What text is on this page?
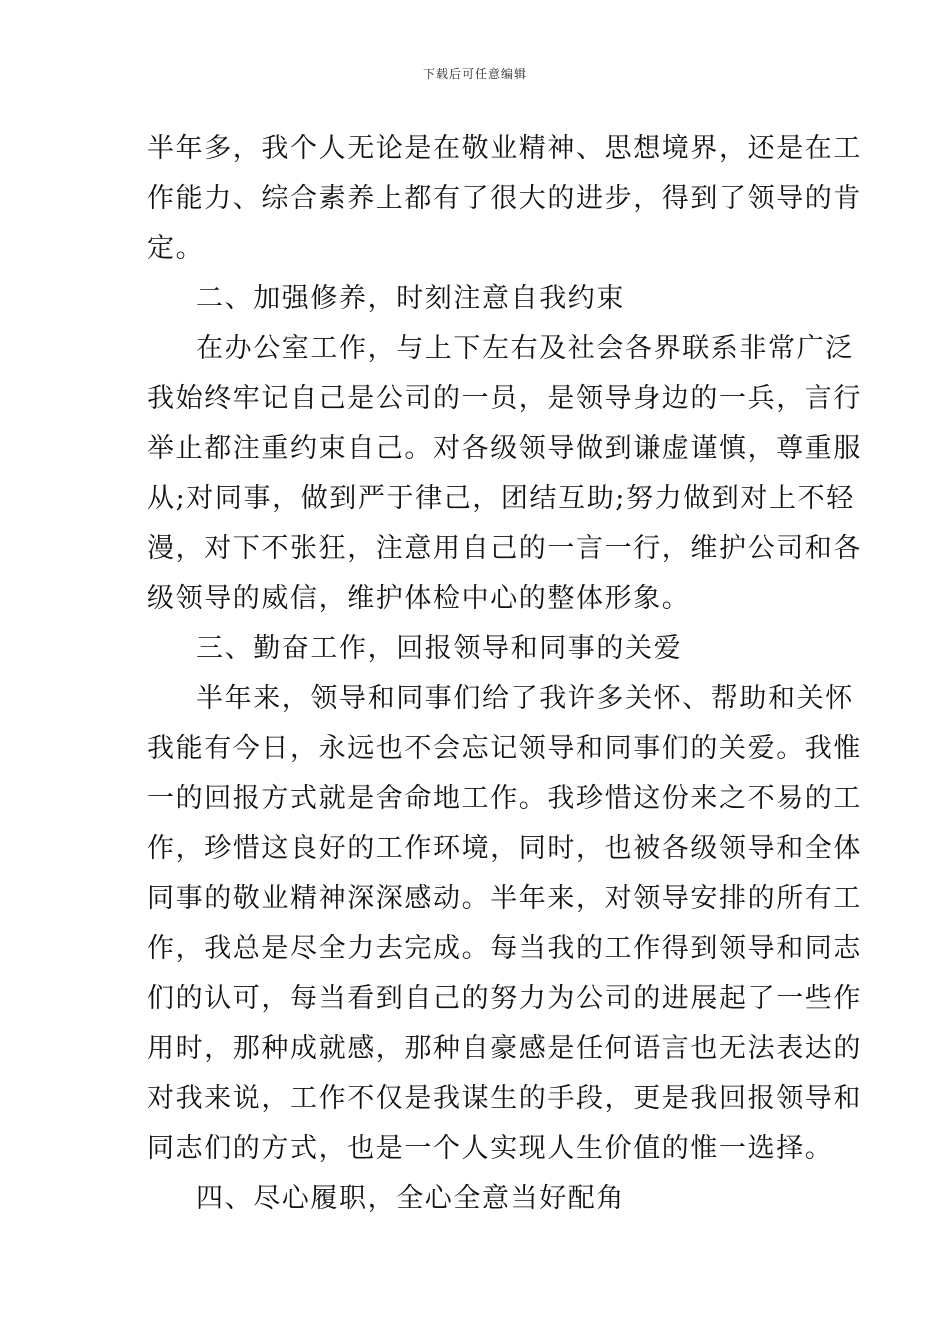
下载后可任意编辑
半年多，我个人无论是在敬业精神、思想境界，还是在工
作能力、综合素养上都有了很大的进步，得到了领导的肯
定。
二、加强修养，时刻注意自我约束
在办公室工作，与上下左右及社会各界联系非常广泛
我始终牢记自己是公司的一员，是领导身边的一兵，言行
举止都注重约束自己。对各级领导做到谦虚谨慎，尊重服
从;对同事，做到严于律己，团结互助;努力做到对上不轻
漫，对下不张狂，注意用自己的一言一行，维护公司和各
级领导的威信，维护体检中心的整体形象。
三、勤奋工作，回报领导和同事的关爱
半年来，领导和同事们给了我许多关怀、帮助和关怀
我能有今日，永远也不会忘记领导和同事们的关爱。我惟
一的回报方式就是舍命地工作。我珍惜这份来之不易的工
作，珍惜这良好的工作环境，同时，也被各级领导和全体
同事的敬业精神深深感动。半年来，对领导安排的所有工
作，我总是尽全力去完成。每当我的工作得到领导和同志
们的认可，每当看到自己的努力为公司的进展起了一些作
用时，那种成就感，那种自豪感是任何语言也无法表达的
对我来说，工作不仅是我谋生的手段，更是我回报领导和
同志们的方式，也是一个人实现人生价值的惟一选择。
四、尽心履职，全心全意当好配角
